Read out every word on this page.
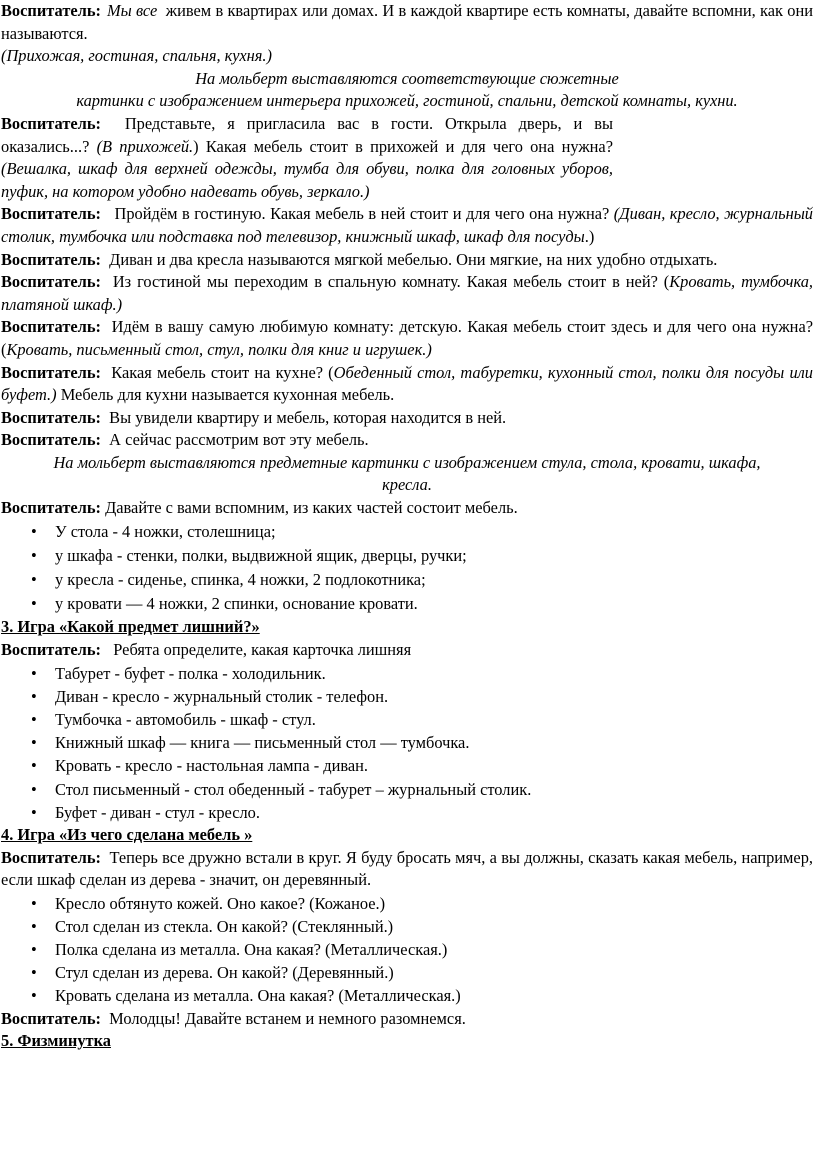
Воспитатель: Мы все живем в квартирах или домах. И в каждой квартире есть комнаты, давайте вспомни, как они называются.

(Прихожая, гостиная, спальня, кухня.)

На мольберт выставляются соответствующие сюжетные

картинки с изображением интерьера прихожей, гостиной, спальни, детской комнаты, кухни.

Воспитатель: Представьте, я пригласила вас в гости. Открыла дверь, и вы оказались...? (В прихожей.) Какая мебель стоит в прихожей и для чего она нужна? (Вешалка, шкаф для верхней одежды, тумба для обуви, полка для головных уборов, пуфик, на котором удобно надевать обувь, зеркало.)

Воспитатель: Пройдём в гостиную. Какая мебель в ней стоит и для чего она нужна? (Диван, кресло, журнальный столик, тумбочка или подставка под телевизор, книжный шкаф, шкаф для посуды.)

Воспитатель: Диван и два кресла называются мягкой мебелью. Они мягкие, на них удобно отдыхать.

Воспитатель: Из гостиной мы переходим в спальную комнату. Какая мебель стоит в ней? (Кровать, тумбочка, платяной шкаф.)

Воспитатель: Идём в вашу самую любимую комнату: детскую. Какая мебель стоит здесь и для чего она нужна? (Кровать, письменный стол, стул, полки для книг и игрушек.)

Воспитатель: Какая мебель стоит на кухне? (Обеденный стол, табуретки, кухонный стол, полки для посуды или буфет.) Мебель для кухни называется кухонная мебель.

Воспитатель: Вы увидели квартиру и мебель, которая находится в ней.

Воспитатель: А сейчас рассмотрим вот эту мебель.

На мольберт выставляются предметные картинки с изображением стула, стола, кровати, шкафа,

кресла.

Воспитатель: Давайте с вами вспомним, из каких частей состоит мебель.

• У стола - 4 ножки, столешница;
• у шкафа - стенки, полки, выдвижной ящик, дверцы, ручки;
• у кресла - сиденье, спинка, 4 ножки, 2 подлокотника;
• у кровати — 4 ножки, 2 спинки, основание кровати.

3. Игра «Какой предмет лишний?»

Воспитатель: Ребята определите, какая карточка лишняя

• Табурет - буфет - полка - холодильник.
• Диван - кресло - журнальный столик - телефон.
• Тумбочка - автомобиль - шкаф - стул.
• Книжный шкаф — книга — письменный стол — тумбочка.
• Кровать - кресло - настольная лампа - диван.
• Стол письменный - стол обеденный - табурет – журнальный столик.
• Буфет - диван - стул - кресло.

4. Игра «Из чего сделана мебель »

Воспитатель: Теперь все дружно встали в круг. Я буду бросать мяч, а вы должны, сказать какая мебель, например, если шкаф сделан из дерева - значит, он деревянный.

• Кресло обтянуто кожей. Оно какое? (Кожаное.)
• Стол сделан из стекла. Он какой? (Стеклянный.)
• Полка сделана из металла. Она какая? (Металлическая.)
• Стул сделан из дерева. Он какой? (Деревянный.)
• Кровать сделана из металла. Она какая? (Металлическая.)

Воспитатель: Молодцы! Давайте встанем и немного разомнемся.

5. Физминутка
